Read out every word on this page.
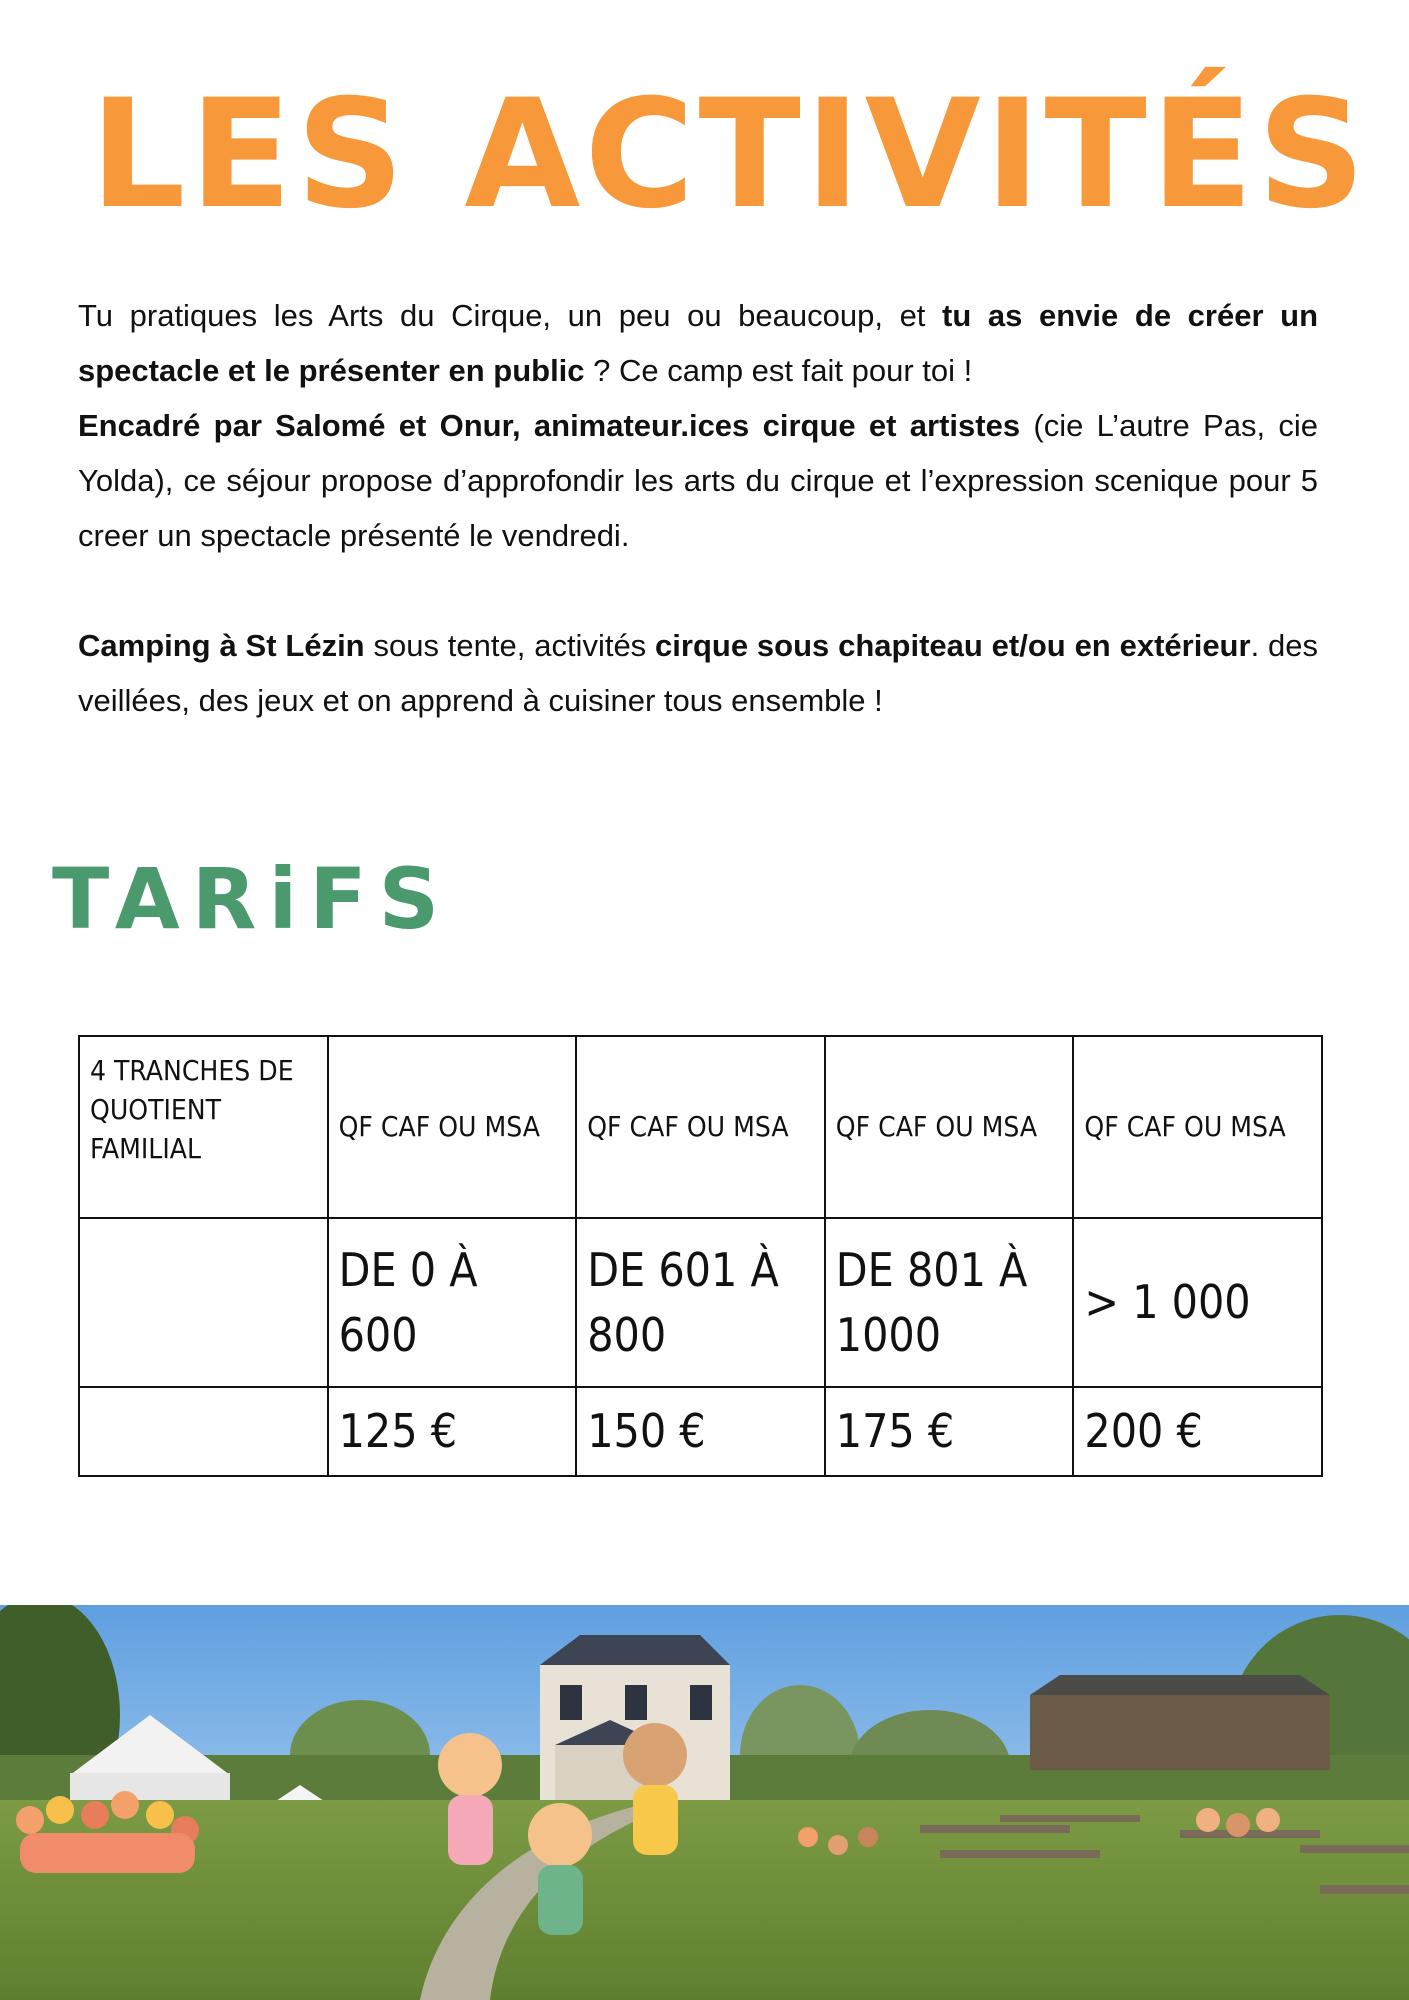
LES ACTIVITÉS

Tu pratiques les Arts du Cirque, un peu ou beaucoup, et tu as envie de créer un spectacle et le présenter en public ? Ce camp est fait pour toi !

Encadré par Salomé et Onur, animateur.ices cirque et artistes (cie L’autre Pas, cie Yolda), ce séjour propose d’approfondir les arts du cirque et l’expression scenique pour 5 creer un spectacle présenté le vendredi.

Camping à St Lézin sous tente, activités cirque sous chapiteau et/ou en extérieur. des veillées, des jeux et on apprend à cuisiner tous ensemble !

TARiFS
4 TRANCHES DE QUOTIENT FAMILIAL	QF CAF OU MSA	QF CAF OU MSA	QF CAF OU MSA	QF CAF OU MSA
	DE 0 À 600	DE 601 À 800	DE 801 À 1000	> 1 000
	125 €	150 €	175 €	200 €
